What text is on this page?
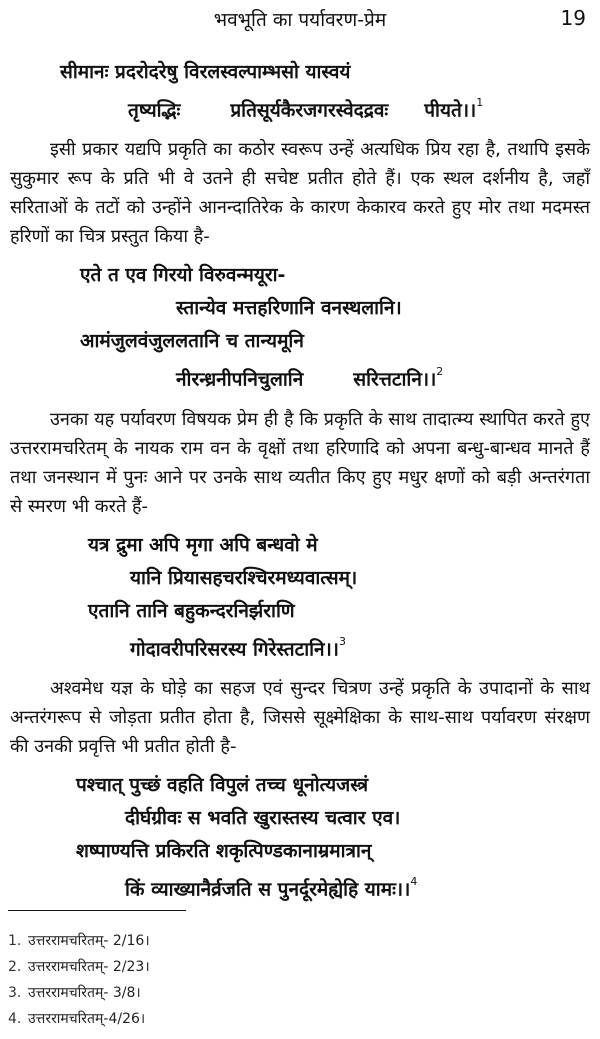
भवभूति का पर्यावरण-प्रेम	19
सीमानः प्रदरोदरेषु विरलस्वल्पाम्भसो यास्वयं
तृष्यद्भिः	प्रतिसूर्यकैरजगरस्वेदद्रवः पीयते।।$^1$

इसी प्रकार यद्यपि प्रकृति का कठोर स्वरूप उन्हें अत्यधिक प्रिय रहा है, तथापि इसके सुकुमार रूप के प्रति भी वे उतने ही सचेष्ट प्रतीत होते हैं। एक स्थल दर्शनीय है, जहाँ सरिताओं के तटों को उन्होंने आनन्दातिरेक के कारण केकारव करते हुए मोर तथा मदमस्त हरिणों का चित्र प्रस्तुत किया है-

एते त एव गिरयो विरुवन्मयूरा-
स्तान्येव मत्तहरिणानि वनस्थलानि।
आमंजुलवंजुललतानि च तान्यमूनि
नीरन्ध्रनीपनिचुलानि	सरित्तटानि।।$^2$

उनका यह पर्यावरण विषयक प्रेम ही है कि प्रकृति के साथ तादात्म्य स्थापित करते हुए उत्तररामचरितम् के नायक राम वन के वृक्षों तथा हरिणादि को अपना बन्धु-बान्धव मानते हैं तथा जनस्थान में पुनः आने पर उनके साथ व्यतीत किए हुए मधुर क्षणों को बड़ी अन्तरंगता से स्मरण भी करते हैं-

यत्र द्रुमा अपि मृगा अपि बन्धवो मे
यानि प्रियासहचरश्चिरमध्यवात्सम्।
एतानि तानि बहुकन्दरनिर्झराणि
गोदावरीपरिसरस्य गिरेस्तटानि।।$^3$

अश्वमेध यज्ञ के घोड़े का सहज एवं सुन्दर चित्रण उन्हें प्रकृति के उपादानों के साथ अन्तरंगरूप से जोड़ता प्रतीत होता है, जिससे सूक्ष्मेक्षिका के साथ-साथ पर्यावरण संरक्षण की उनकी प्रवृत्ति भी प्रतीत होती है-

पश्चात् पुच्छं वहति विपुलं तच्च धूनोत्यजस्त्रं
दीर्घग्रीवः स भवति खुरास्तस्य चत्वार एव।
शष्पाण्यत्ति प्रकिरति शकृत्पिण्डकानाम्रमात्रान्
किं व्याख्यानैर्व्रजति स पुनर्दूरमेह्येहि यामः।।$^4$
1. उत्तररामचरितम्- 2/16।
2. उत्तररामचरितम्- 2/23।
3. उत्तररामचरितम्- 3/8।
4. उत्तररामचरितम्-4/26।
